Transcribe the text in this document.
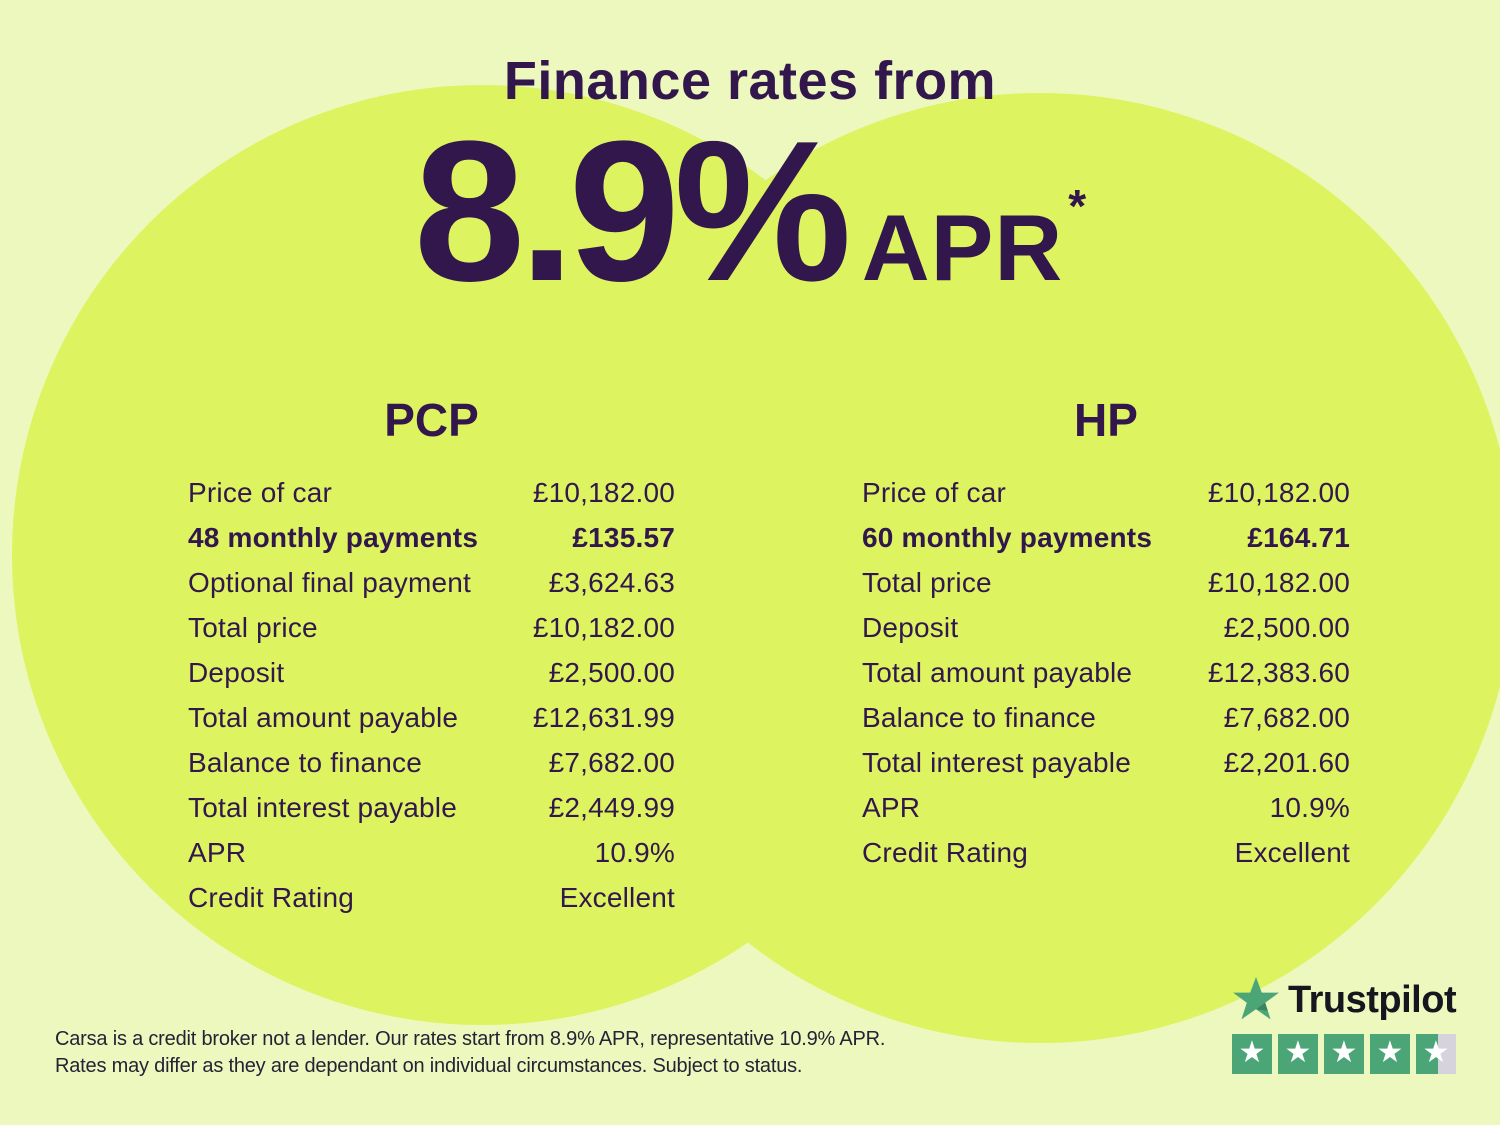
Finance rates from
8.9% APR *
PCP	HP
Price of car	£10,182.00
48 monthly payments	£135.57
Optional final payment	£3,624.63
Total price	£10,182.00
Deposit	£2,500.00
Total amount payable	£12,631.99
Balance to finance	£7,682.00
Total interest payable	£2,449.99
APR	10.9%
Credit Rating	Excellent
Price of car	£10,182.00
60 monthly payments	£164.71
Total price	£10,182.00
Deposit	£2,500.00
Total amount payable	£12,383.60
Balance to finance	£7,682.00
Total interest payable	£2,201.60
APR	10.9%
Credit Rating	Excellent
Carsa is a credit broker not a lender. Our rates start from 8.9% APR, representative 10.9% APR.
Rates may differ as they are dependant on individual circumstances. Subject to status.
Trustpilot
★ ★ ★ ★ ★
